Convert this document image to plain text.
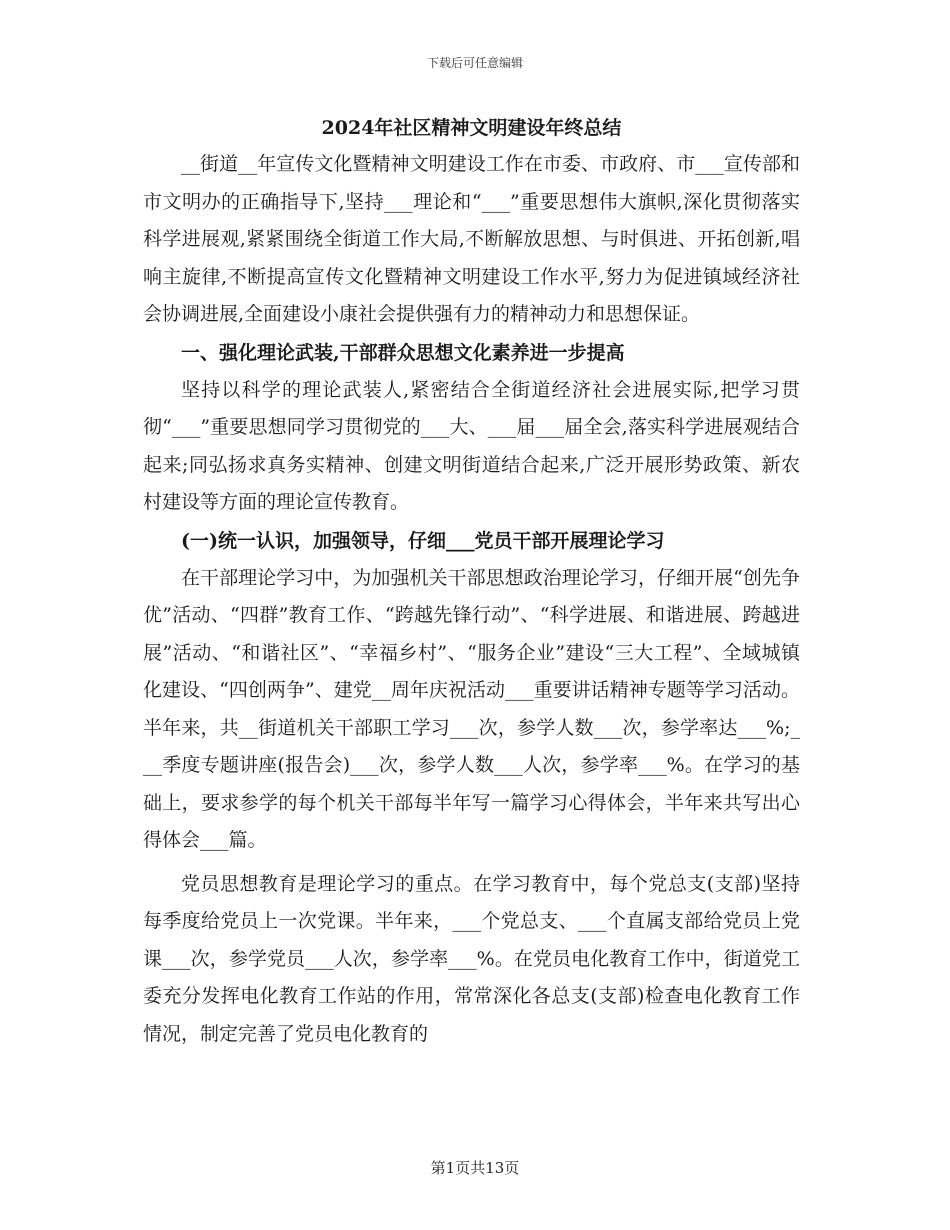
下载后可任意编辑
2024年社区精神文明建设年终总结

__街道__年宣传文化暨精神文明建设工作在市委、市政府、市___宣传部和市文明办的正确指导下,坚持___理论和“___”重要思想伟大旗帜,深化贯彻落实科学进展观,紧紧围绕全街道工作大局,不断解放思想、与时俱进、开拓创新,唱响主旋律,不断提高宣传文化暨精神文明建设工作水平,努力为促进镇域经济社会协调进展,全面建设小康社会提供强有力的精神动力和思想保证。

一、强化理论武装,干部群众思想文化素养进一步提高

坚持以科学的理论武装人,紧密结合全街道经济社会进展实际,把学习贯彻“___”重要思想同学习贯彻党的___大、___届___届全会,落实科学进展观结合起来;同弘扬求真务实精神、创建文明街道结合起来,广泛开展形势政策、新农村建设等方面的理论宣传教育。

(一)统一认识，加强领导，仔细___党员干部开展理论学习

在干部理论学习中，为加强机关干部思想政治理论学习，仔细开展“创先争优”活动、“四群”教育工作、“跨越先锋行动”、“科学进展、和谐进展、跨越进展”活动、“和谐社区”、“幸福乡村”、“服务企业”建设“三大工程”、全域城镇化建设、“四创两争”、建党__周年庆祝活动___重要讲话精神专题等学习活动。半年来，共__街道机关干部职工学习___次，参学人数___次，参学率达___%;___季度专题讲座(报告会)___次，参学人数___人次，参学率___%。在学习的基础上，要求参学的每个机关干部每半年写一篇学习心得体会，半年来共写出心得体会___篇。

党员思想教育是理论学习的重点。在学习教育中，每个党总支(支部)坚持每季度给党员上一次党课。半年来，___个党总支、___个直属支部给党员上党课___次，参学党员___人次，参学率___%。在党员电化教育工作中，街道党工委充分发挥电化教育工作站的作用，常常深化各总支(支部)检查电化教育工作情况，制定完善了党员电化教育的

第1页共13页
